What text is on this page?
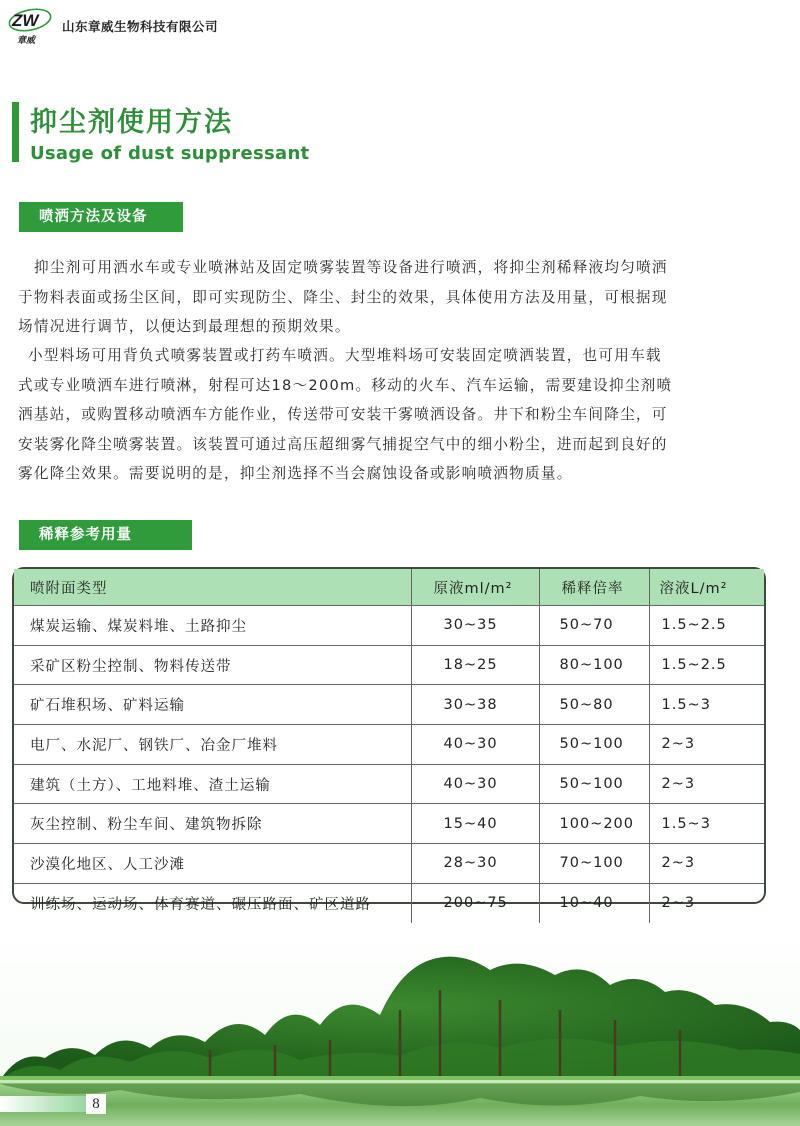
ZW
章威
山东章威生物科技有限公司
抑尘剂使用方法
Usage of dust suppressant
喷洒方法及设备
抑尘剂可用洒水车或专业喷淋站及固定喷雾装置等设备进行喷洒，将抑尘剂稀释液均匀喷洒
于物料表面或扬尘区间，即可实现防尘、降尘、封尘的效果，具体使用方法及用量，可根据现
场情况进行调节，以便达到最理想的预期效果。
小型料场可用背负式喷雾装置或打药车喷洒。大型堆料场可安装固定喷洒装置，也可用车载
式或专业喷洒车进行喷淋，射程可达18～200m。移动的火车、汽车运输，需要建设抑尘剂喷
洒基站，或购置移动喷洒车方能作业，传送带可安装干雾喷洒设备。井下和粉尘车间降尘，可
安装雾化降尘喷雾装置。该装置可通过高压超细雾气捕捉空气中的细小粉尘，进而起到良好的
雾化降尘效果。需要说明的是，抑尘剂选择不当会腐蚀设备或影响喷洒物质量。
稀释参考用量
喷附面类型	原液ml/m²	稀释倍率	溶液L/m²
煤炭运输、煤炭料堆、土路抑尘	30~35	50~70	1.5~2.5
采矿区粉尘控制、物料传送带	18~25	80~100	1.5~2.5
矿石堆积场、矿料运输	30~38	50~80	1.5~3
电厂、水泥厂、钢铁厂、冶金厂堆料	40~30	50~100	2~3
建筑（土方）、工地料堆、渣土运输	40~30	50~100	2~3
灰尘控制、粉尘车间、建筑物拆除	15~40	100~200	1.5~3
沙漠化地区、人工沙滩	28~30	70~100	2~3
训练场、运动场、体育赛道、碾压路面、矿区道路	200~75	10~40	2~3
8
